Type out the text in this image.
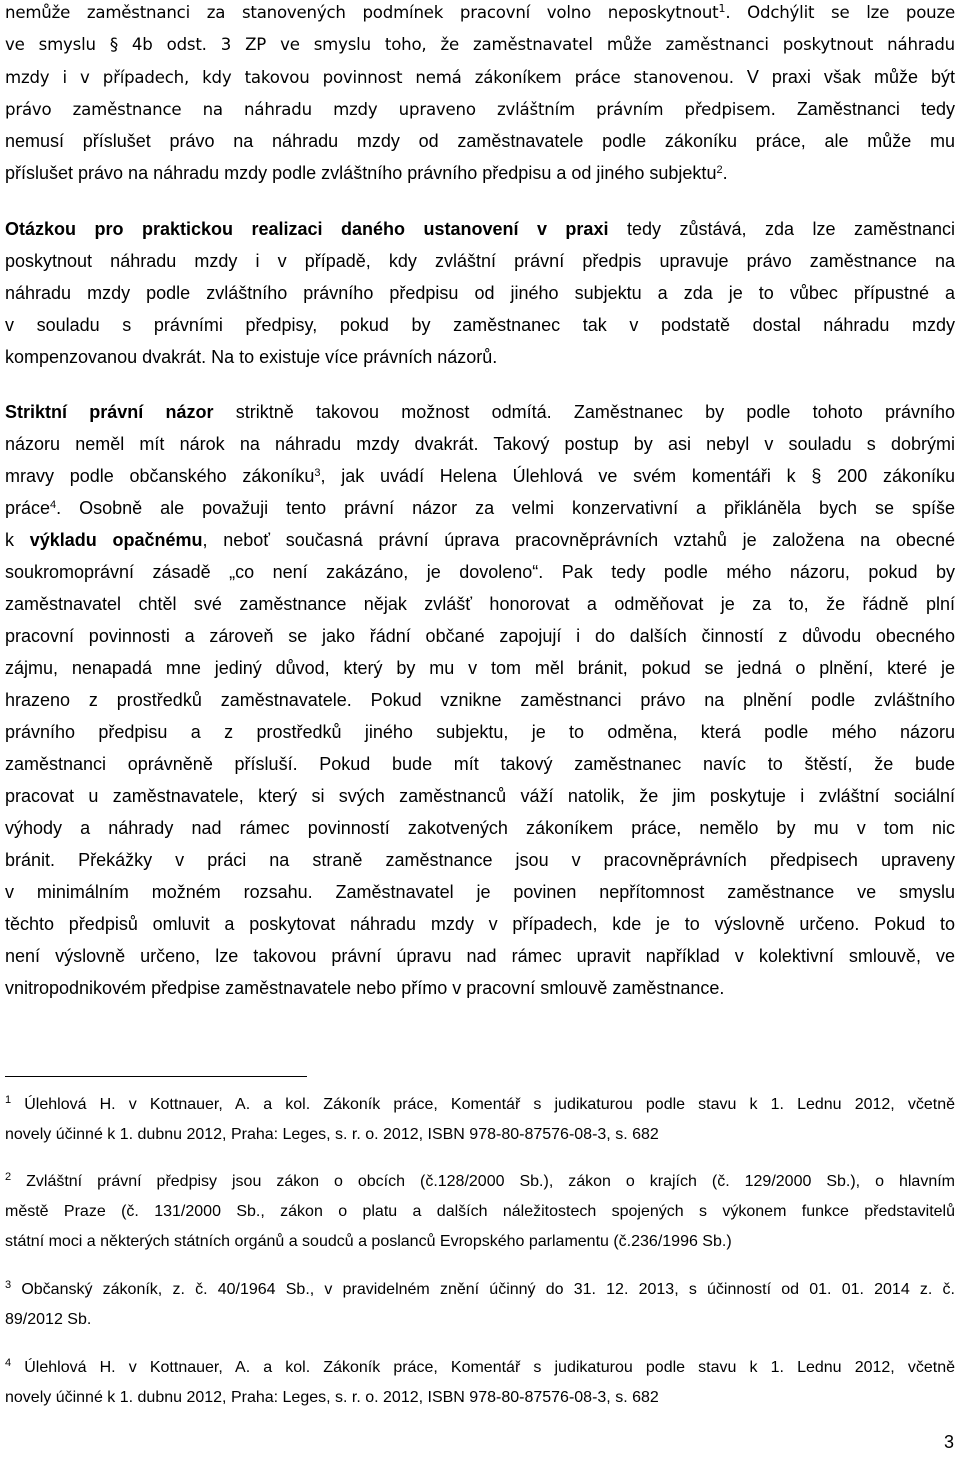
nemůže zaměstnanci za stanovených podmínek pracovní volno neposkytnout$^1$. Odchýlit se lze pouze
ve smyslu § 4b odst. 3 ZP ve smyslu toho, že zaměstnavatel může zaměstnanci poskytnout náhradu
mzdy i v případech, kdy takovou povinnost nemá zákoníkem práce stanovenou. V praxi však může být
právo zaměstnance na náhradu mzdy upraveno zvláštním právním předpisem. Zaměstnanci tedy
nemusí příslušet právo na náhradu mzdy od zaměstnavatele podle zákoníku práce, ale může mu
příslušet právo na náhradu mzdy podle zvláštního právního předpisu a od jiného subjektu$^2$.
Otázkou pro praktickou realizaci daného ustanovení v praxi tedy zůstává, zda lze zaměstnanci
poskytnout náhradu mzdy i v případě, kdy zvláštní právní předpis upravuje právo zaměstnance na
náhradu mzdy podle zvláštního právního předpisu od jiného subjektu a zda je to vůbec přípustné a
v souladu s právními předpisy, pokud by zaměstnanec tak v podstatě dostal náhradu mzdy
kompenzovanou dvakrát. Na to existuje více právních názorů.
Striktní právní názor striktně takovou možnost odmítá. Zaměstnanec by podle tohoto právního
názoru neměl mít nárok na náhradu mzdy dvakrát. Takový postup by asi nebyl v souladu s dobrými
mravy podle občanského zákoníku$^3$, jak uvádí Helena Úlehlová ve svém komentáři k § 200 zákoníku
práce$^4$. Osobně ale považuji tento právní názor za velmi konzervativní a přikláněla bych se spíše
k výkladu opačnému, neboť současná právní úprava pracovněprávních vztahů je založena na obecné
soukromoprávní zásadě „co není zakázáno, je dovoleno“. Pak tedy podle mého názoru, pokud by
zaměstnavatel chtěl své zaměstnance nějak zvlášť honorovat a odměňovat je za to, že řádně plní
pracovní povinnosti a zároveň se jako řádní občané zapojují i do dalších činností z důvodu obecného
zájmu, nenapadá mne jediný důvod, který by mu v tom měl bránit, pokud se jedná o plnění, které je
hrazeno z prostředků zaměstnavatele. Pokud vznikne zaměstnanci právo na plnění podle zvláštního
právního předpisu a z prostředků jiného subjektu, je to odměna, která podle mého názoru
zaměstnanci oprávněně přísluší. Pokud bude mít takový zaměstnanec navíc to štěstí, že bude
pracovat u zaměstnavatele, který si svých zaměstnanců váží natolik, že jim poskytuje i zvláštní sociální
výhody a náhrady nad rámec povinností zakotvených zákoníkem práce, nemělo by mu v tom nic
bránit. Překážky v práci na straně zaměstnance jsou v pracovněprávních předpisech upraveny
v minimálním možném rozsahu. Zaměstnavatel je povinen nepřítomnost zaměstnance ve smyslu
těchto předpisů omluvit a poskytovat náhradu mzdy v případech, kde je to výslovně určeno. Pokud to
není výslovně určeno, lze takovou právní úpravu nad rámec upravit například v kolektivní smlouvě, ve
vnitropodnikovém předpise zaměstnavatele nebo přímo v pracovní smlouvě zaměstnance.
$^1$ Úlehlová H. v Kottnauer, A. a kol. Zákoník práce, Komentář s judikaturou podle stavu k 1. Lednu 2012, včetně
novely účinné k 1. dubnu 2012, Praha: Leges, s. r. o. 2012, ISBN 978-80-87576-08-3, s. 682
$^2$ Zvláštní právní předpisy jsou zákon o obcích (č.128/2000 Sb.), zákon o krajích (č. 129/2000 Sb.), o hlavním
městě Praze (č. 131/2000 Sb., zákon o platu a dalších náležitostech spojených s výkonem funkce představitelů
státní moci a některých státních orgánů a soudců a poslanců Evropského parlamentu (č.236/1996 Sb.)
$^3$ Občanský zákoník, z. č. 40/1964 Sb., v pravidelném znění účinný do 31. 12. 2013, s účinností od 01. 01. 2014 z. č.
89/2012 Sb.
$^4$ Úlehlová H. v Kottnauer, A. a kol. Zákoník práce, Komentář s judikaturou podle stavu k 1. Lednu 2012, včetně
novely účinné k 1. dubnu 2012, Praha: Leges, s. r. o. 2012, ISBN 978-80-87576-08-3, s. 682
3
